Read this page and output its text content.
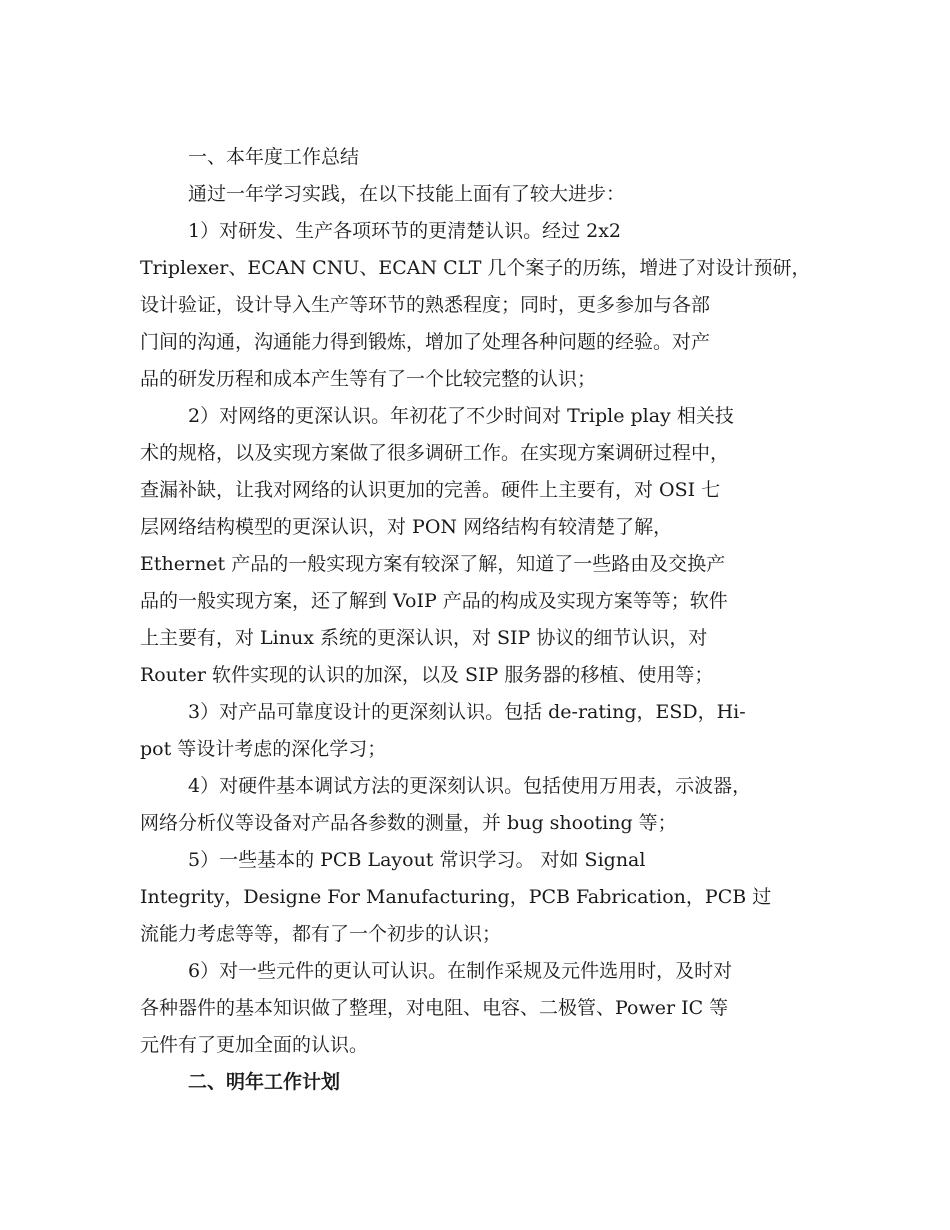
一、本年度工作总结
通过一年学习实践，在以下技能上面有了较大进步：
1）对研发、生产各项环节的更清楚认识。经过 2x2
Triplexer、ECAN CNU、ECAN CLT 几个案子的历练，增进了对设计预研，
设计验证，设计导入生产等环节的熟悉程度；同时，更多参加与各部
门间的沟通，沟通能力得到锻炼，增加了处理各种问题的经验。对产
品的研发历程和成本产生等有了一个比较完整的认识；
2）对网络的更深认识。年初花了不少时间对 Triple play 相关技
术的规格，以及实现方案做了很多调研工作。在实现方案调研过程中，
查漏补缺，让我对网络的认识更加的完善。硬件上主要有，对 OSI 七
层网络结构模型的更深认识，对 PON 网络结构有较清楚了解，
Ethernet 产品的一般实现方案有较深了解，知道了一些路由及交换产
品的一般实现方案，还了解到 VoIP 产品的构成及实现方案等等；软件
上主要有，对 Linux 系统的更深认识，对 SIP 协议的细节认识，对
Router 软件实现的认识的加深，以及 SIP 服务器的移植、使用等；
3）对产品可靠度设计的更深刻认识。包括 de-rating，ESD，Hi-
pot 等设计考虑的深化学习；
4）对硬件基本调试方法的更深刻认识。包括使用万用表，示波器，
网络分析仪等设备对产品各参数的测量，并 bug shooting 等；
5）一些基本的 PCB Layout 常识学习。 对如 Signal
Integrity，Designe For Manufacturing，PCB Fabrication，PCB 过
流能力考虑等等，都有了一个初步的认识；
6）对一些元件的更认可认识。在制作采规及元件选用时，及时对
各种器件的基本知识做了整理，对电阻、电容、二极管、Power IC 等
元件有了更加全面的认识。
二、明年工作计划
